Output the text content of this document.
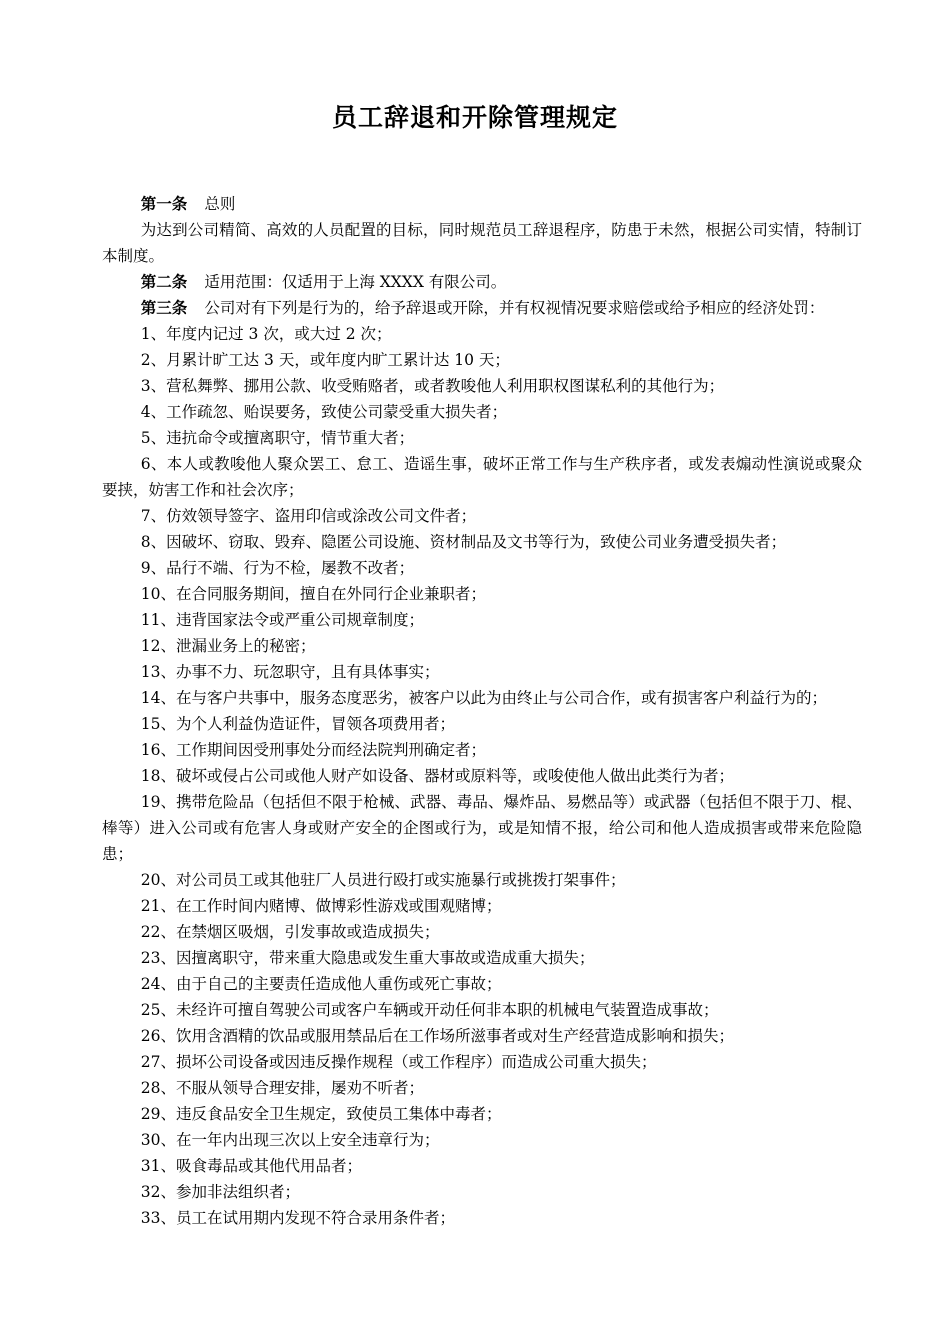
员工辞退和开除管理规定

第一条 总则

为达到公司精简、高效的人员配置的目标，同时规范员工辞退程序，防患于未然，根据公司实情，特制订本制度。

第二条 适用范围：仅适用于上海 XXXX 有限公司。

第三条 公司对有下列是行为的，给予辞退或开除，并有权视情况要求赔偿或给予相应的经济处罚：

1、年度内记过 3 次，或大过 2 次；

2、月累计旷工达 3 天，或年度内旷工累计达 10 天；

3、营私舞弊、挪用公款、收受贿赂者，或者教唆他人利用职权图谋私利的其他行为；

4、工作疏忽、贻误要务，致使公司蒙受重大损失者；

5、违抗命令或擅离职守，情节重大者；

6、本人或教唆他人聚众罢工、怠工、造谣生事，破坏正常工作与生产秩序者，或发表煽动性演说或聚众要挟，妨害工作和社会次序；

7、仿效领导签字、盗用印信或涂改公司文件者；

8、因破坏、窃取、毁弃、隐匿公司设施、资材制品及文书等行为，致使公司业务遭受损失者；

9、品行不端、行为不检，屡教不改者；

10、在合同服务期间，擅自在外同行企业兼职者；

11、违背国家法令或严重公司规章制度；

12、泄漏业务上的秘密；

13、办事不力、玩忽职守，且有具体事实；

14、在与客户共事中，服务态度恶劣，被客户以此为由终止与公司合作，或有损害客户利益行为的；

15、为个人利益伪造证件，冒领各项费用者；

16、工作期间因受刑事处分而经法院判刑确定者；

18、破坏或侵占公司或他人财产如设备、器材或原料等，或唆使他人做出此类行为者；

19、携带危险品（包括但不限于枪械、武器、毒品、爆炸品、易燃品等）或武器（包括但不限于刀、棍、棒等）进入公司或有危害人身或财产安全的企图或行为，或是知情不报，给公司和他人造成损害或带来危险隐患；

20、对公司员工或其他驻厂人员进行殴打或实施暴行或挑拨打架事件；

21、在工作时间内赌博、做博彩性游戏或围观赌博；

22、在禁烟区吸烟，引发事故或造成损失；

23、因擅离职守，带来重大隐患或发生重大事故或造成重大损失；

24、由于自己的主要责任造成他人重伤或死亡事故；

25、未经许可擅自驾驶公司或客户车辆或开动任何非本职的机械电气装置造成事故；

26、饮用含酒精的饮品或服用禁品后在工作场所滋事者或对生产经营造成影响和损失；

27、损坏公司设备或因违反操作规程（或工作程序）而造成公司重大损失；

28、不服从领导合理安排，屡劝不听者；

29、违反食品安全卫生规定，致使员工集体中毒者；

30、在一年内出现三次以上安全违章行为；

31、吸食毒品或其他代用品者；

32、参加非法组织者；

33、员工在试用期内发现不符合录用条件者；
